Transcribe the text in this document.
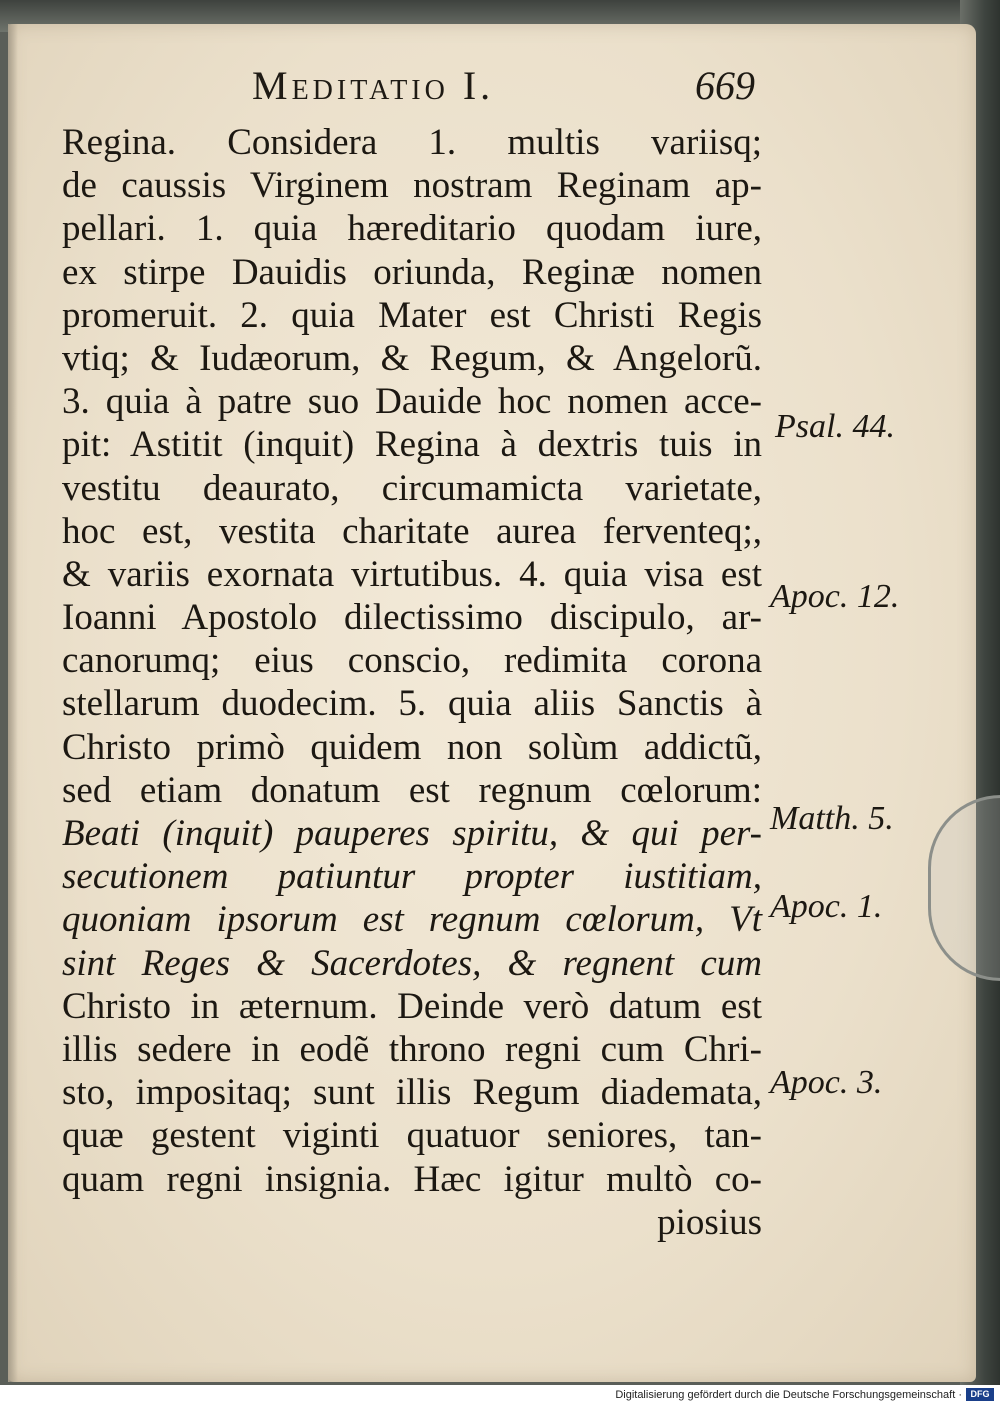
Meditatio I.	669
Regina. Considera 1. multis variisq;
de caussis Virginem nostram Reginam ap-
pellari. 1. quia hæreditario quodam iure,
ex stirpe Dauidis oriunda, Reginæ nomen
promeruit. 2. quia Mater est Christi Regis
vtiq; & Iudæorum, & Regum, & Angelorũ.
3. quia à patre suo Dauide hoc nomen acce-
pit: Astitit (inquit) Regina à dextris tuis in
vestitu deaurato, circumamicta varietate,
hoc est, vestita charitate aurea ferventeq;,
& variis exornata virtutibus. 4. quia visa est
Ioanni Apostolo dilectissimo discipulo, ar-
canorumq; eius conscio, redimita corona
stellarum duodecim. 5. quia aliis Sanctis à
Christo primò quidem non solùm addictũ,
sed etiam donatum est regnum cœlorum:
Beati (inquit) pauperes spiritu, & qui per-
secutionem patiuntur propter iustitiam,
quoniam ipsorum est regnum cœlorum, Vt
sint Reges & Sacerdotes, & regnent cum
Christo in æternum. Deinde verò datum est
illis sedere in eodẽ throno regni cum Chri-
sto, impositaq; sunt illis Regum diademata,
quæ gestent viginti quatuor seniores, tan-
quam regni insignia. Hæc igitur multò co-
piosius
Psal. 44.
Apoc. 12.
Matth. 5.
Apoc. 1.
Apoc. 3.
Digitalisierung gefördert durch die Deutsche Forschungsgemeinschaft · DFG
